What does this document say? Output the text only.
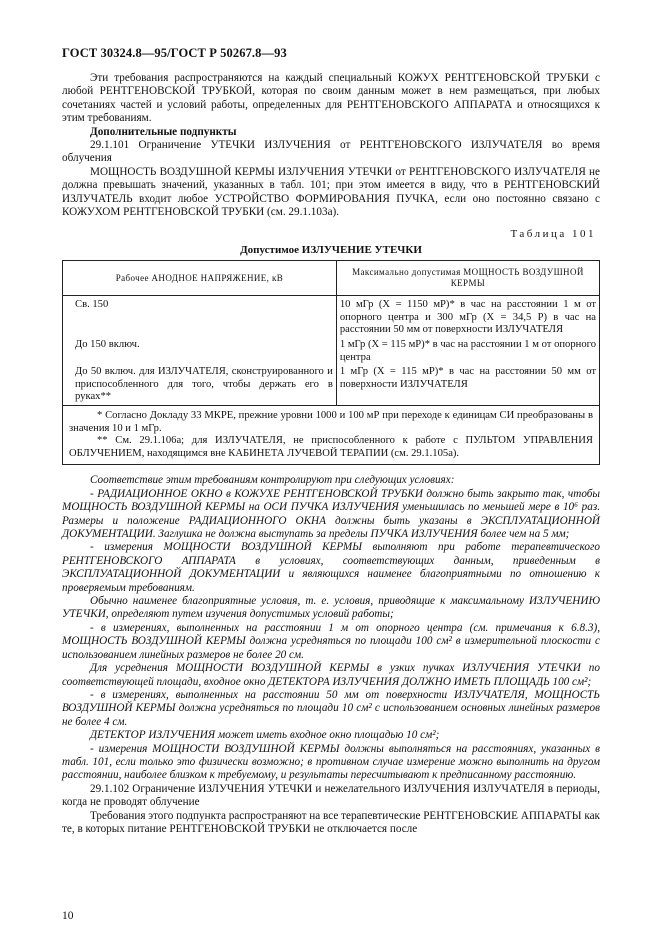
ГОСТ 30324.8—95/ГОСТ Р 50267.8—93

Эти требования распространяются на каждый специальный КОЖУХ РЕНТГЕНОВСКОЙ ТРУБКИ с любой РЕНТГЕНОВСКОЙ ТРУБКОЙ, которая по своим данным может в нем размещаться, при любых сочетаниях частей и условий работы, определенных для РЕНТГЕНОВСКОГО АППАРАТА и относящихся к этим требованиям.

Дополнительные подпункты

29.1.101 Ограничение УТЕЧКИ ИЗЛУЧЕНИЯ от РЕНТГЕНОВСКОГО ИЗЛУЧАТЕЛЯ во время облучения

МОЩНОСТЬ ВОЗДУШНОЙ КЕРМЫ ИЗЛУЧЕНИЯ УТЕЧКИ от РЕНТГЕНОВСКОГО ИЗЛУЧАТЕЛЯ не должна превышать значений, указанных в табл. 101; при этом имеется в виду, что в РЕНТГЕНОВСКИЙ ИЗЛУЧАТЕЛЬ входит любое УСТРОЙСТВО ФОРМИРОВАНИЯ ПУЧКА, если оно постоянно связано с КОЖУХОМ РЕНТГЕНОВСКОЙ ТРУБКИ (см. 29.1.103а).

Таблица 101
Допустимое ИЗЛУЧЕНИЕ УТЕЧКИ
Рабочее АНОДНОЕ НАПРЯЖЕНИЕ, кВ	Максимально допустимая МОЩНОСТЬ ВОЗДУШНОЙ КЕРМЫ
Св. 150	10 мГр (Х = 1150 мР)* в час на расстоянии 1 м от опорного центра и 300 мГр (Х = 34,5 Р) в час на расстоянии 50 мм от поверхности ИЗЛУЧАТЕЛЯ
До 150 включ.	1 мГр (Х = 115 мР)* в час на расстоянии 1 м от опорного центра
До 50 включ. для ИЗЛУЧАТЕЛЯ, сконструированного и приспособленного для того, чтобы держать его в руках**	1 мГр (Х = 115 мР)* в час на расстоянии 50 мм от поверхности ИЗЛУЧАТЕЛЯ

* Согласно Докладу 33 МКРЕ, прежние уровни 1000 и 100 мР при переходе к единицам СИ преобразованы в значения 10 и 1 мГр.

** См. 29.1.106а; для ИЗЛУЧАТЕЛЯ, не приспособленного к работе с ПУЛЬТОМ УПРАВЛЕНИЯ ОБЛУЧЕНИЕМ, находящимся вне КАБИНЕТА ЛУЧЕВОЙ ТЕРАПИИ (см. 29.1.105а).	

Соответствие этим требованиям контролируют при следующих условиях:

- РАДИАЦИОННОЕ ОКНО в КОЖУХЕ РЕНТГЕНОВСКОЙ ТРУБКИ должно быть закрыто так, чтобы МОЩНОСТЬ ВОЗДУШНОЙ КЕРМЫ на ОСИ ПУЧКА ИЗЛУЧЕНИЯ уменьшилась по меньшей мере в 10⁶ раз. Размеры и положение РАДИАЦИОННОГО ОКНА должны быть указаны в ЭКСПЛУАТАЦИОННОЙ ДОКУМЕНТАЦИИ. Заглушка не должна выступать за пределы ПУЧКА ИЗЛУЧЕНИЯ более чем на 5 мм;

- измерения МОЩНОСТИ ВОЗДУШНОЙ КЕРМЫ выполняют при работе терапевтического РЕНТГЕНОВСКОГО АППАРАТА в условиях, соответствующих данным, приведенным в ЭКСПЛУАТАЦИОННОЙ ДОКУМЕНТАЦИИ и являющихся наименее благоприятными по отношению к проверяемым требованиям.

Обычно наименее благоприятные условия, т. е. условия, приводящие к максимальному ИЗЛУЧЕНИЮ УТЕЧКИ, определяют путем изучения допустимых условий работы;

- в измерениях, выполненных на расстоянии 1 м от опорного центра (см. примечания к 6.8.3), МОЩНОСТЬ ВОЗДУШНОЙ КЕРМЫ должна усредняться по площади 100 см² в измерительной плоскости с использованием линейных размеров не более 20 см.

Для усреднения МОЩНОСТИ ВОЗДУШНОЙ КЕРМЫ в узких пучках ИЗЛУЧЕНИЯ УТЕЧКИ по соответствующей площади, входное окно ДЕТЕКТОРА ИЗЛУЧЕНИЯ ДОЛЖНО ИМЕТЬ ПЛОЩАДЬ 100 см²;

- в измерениях, выполненных на расстоянии 50 мм от поверхности ИЗЛУЧАТЕЛЯ, МОЩНОСТЬ ВОЗДУШНОЙ КЕРМЫ должна усредняться по площади 10 см² с использованием основных линейных размеров не более 4 см.

ДЕТЕКТОР ИЗЛУЧЕНИЯ может иметь входное окно площадью 10 см²;

- измерения МОЩНОСТИ ВОЗДУШНОЙ КЕРМЫ должны выполняться на расстояниях, указанных в табл. 101, если только это физически возможно; в противном случае измерение можно выполнить на другом расстоянии, наиболее близком к требуемому, и результаты пересчитывают к предписанному расстоянию.

29.1.102 Ограничение ИЗЛУЧЕНИЯ УТЕЧКИ и нежелательного ИЗЛУЧЕНИЯ ИЗЛУЧАТЕЛЯ в периоды, когда не проводят облучение

Требования этого подпункта распространяют на все терапевтические РЕНТГЕНОВСКИЕ АППАРАТЫ как те, в которых питание РЕНТГЕНОВСКОЙ ТРУБКИ не отключается после

10
